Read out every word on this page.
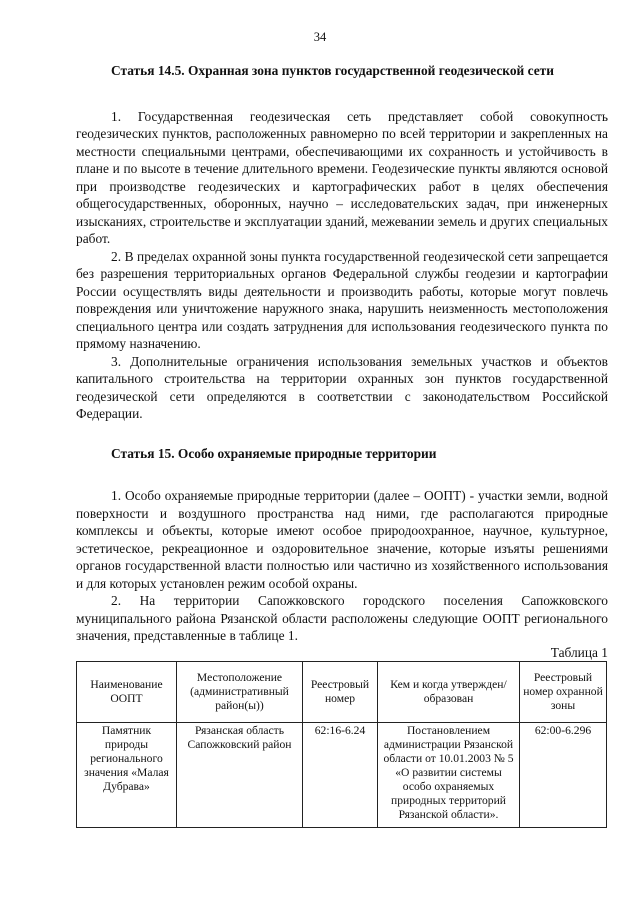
34

Статья 14.5. Охранная зона пунктов государственной геодезической сети

1. Государственная геодезическая сеть представляет собой совокупность геодезических пунктов, расположенных равномерно по всей территории и закрепленных на местности специальными центрами, обеспечивающими их сохранность и устойчивость в плане и по высоте в течение длительного времени. Геодезические пункты являются основой при производстве геодезических и картографических работ в целях обеспечения общегосударственных, оборонных, научно – исследовательских задач, при инженерных изысканиях, строительстве и эксплуатации зданий, межевании земель и других специальных работ.

2. В пределах охранной зоны пункта государственной геодезической сети запрещается без разрешения территориальных органов Федеральной службы геодезии и картографии России осуществлять виды деятельности и производить работы, которые могут повлечь повреждения или уничтожение наружного знака, нарушить неизменность местоположения специального центра или создать затруднения для использования геодезического пункта по прямому назначению.

3. Дополнительные ограничения использования земельных участков и объектов капитального строительства на территории охранных зон пунктов государственной геодезической сети определяются в соответствии с законодательством Российской Федерации.

Статья 15. Особо охраняемые природные территории

1. Особо охраняемые природные территории (далее – ООПТ) - участки земли, водной поверхности и воздушного пространства над ними, где располагаются природные комплексы и объекты, которые имеют особое природоохранное, научное, культурное, эстетическое, рекреационное и оздоровительное значение, которые изъяты решениями органов государственной власти полностью или частично из хозяйственного использования и для которых установлен режим особой охраны.

2. На территории Сапожковского городского поселения Сапожковского муниципального района Рязанской области расположены следующие ООПТ регионального значения, представленные в таблице 1.

Таблица 1

Наименование ООПТ	Местоположение (административный район(ы))	Реестровый номер	Кем и когда утвержден/ образован	Реестровый номер охранной зоны
Памятник природы регионального значения «Малая Дубрава»	Рязанская область Сапожковский район	62:16-6.24	Постановлением администрации Рязанской области от 10.01.2003 № 5 «О развитии системы особо охраняемых природных территорий Рязанской области».	62:00-6.296
